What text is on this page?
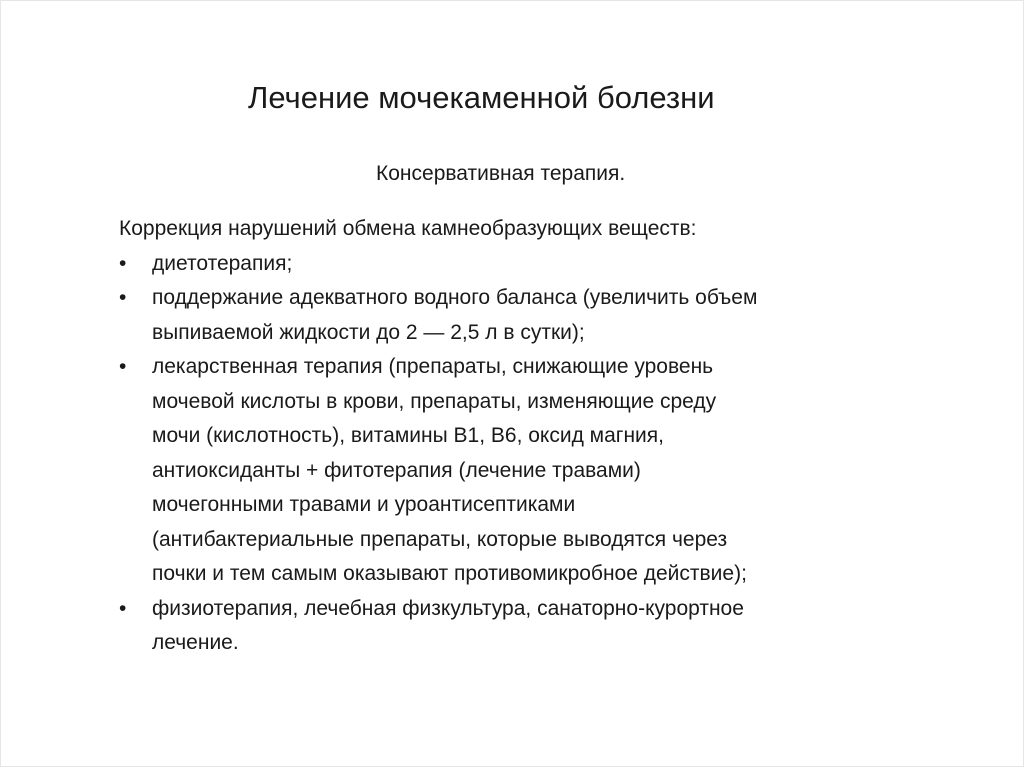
Лечение мочекаменной болезни
Консервативная терапия.
Коррекция нарушений обмена камнеобразующих веществ:
•	диетотерапия;
•	поддержание адекватного водного баланса (увеличить объем
выпиваемой жидкости до 2 — 2,5 л в сутки);
•	лекарственная терапия (препараты, снижающие уровень
мочевой кислоты в крови, препараты, изменяющие среду
мочи (кислотность), витамины В1, В6, оксид магния,
антиоксиданты + фитотерапия (лечение травами)
мочегонными травами и уроантисептиками
(антибактериальные препараты, которые выводятся через
почки и тем самым оказывают противомикробное действие);
•	физиотерапия, лечебная физкультура, санаторно-курортное
лечение.
